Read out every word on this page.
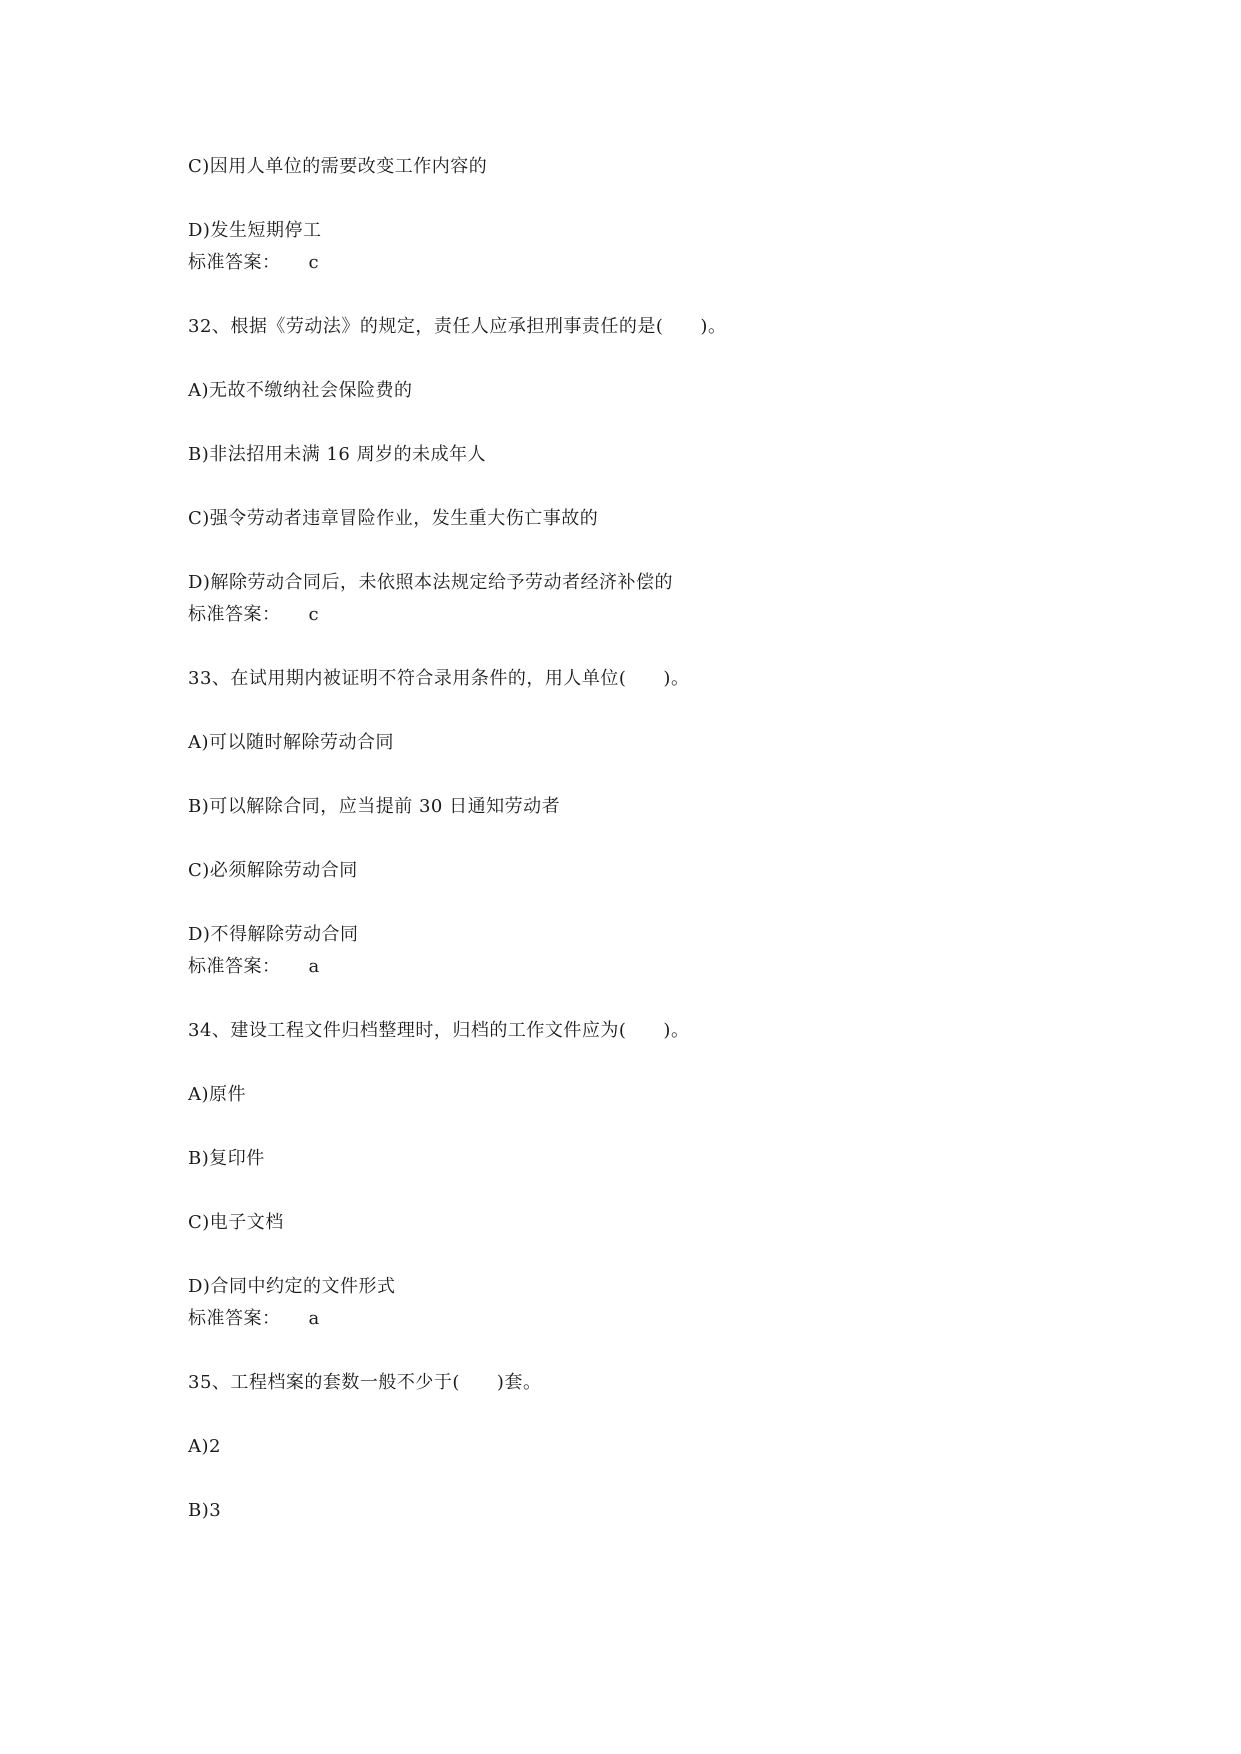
C)因用人单位的需要改变工作内容的
D)发生短期停工
标准答案： c
32、根据《劳动法》的规定，责任人应承担刑事责任的是(　　)。
A)无故不缴纳社会保险费的
B)非法招用未满 16 周岁的未成年人
C)强令劳动者违章冒险作业，发生重大伤亡事故的
D)解除劳动合同后，未依照本法规定给予劳动者经济补偿的
标准答案： c
33、在试用期内被证明不符合录用条件的，用人单位(　　)。
A)可以随时解除劳动合同
B)可以解除合同，应当提前 30 日通知劳动者
C)必须解除劳动合同
D)不得解除劳动合同
标准答案： a
34、建设工程文件归档整理时，归档的工作文件应为(　　)。
A)原件
B)复印件
C)电子文档
D)合同中约定的文件形式
标准答案： a
35、工程档案的套数一般不少于(　　)套。
A)2
B)3
